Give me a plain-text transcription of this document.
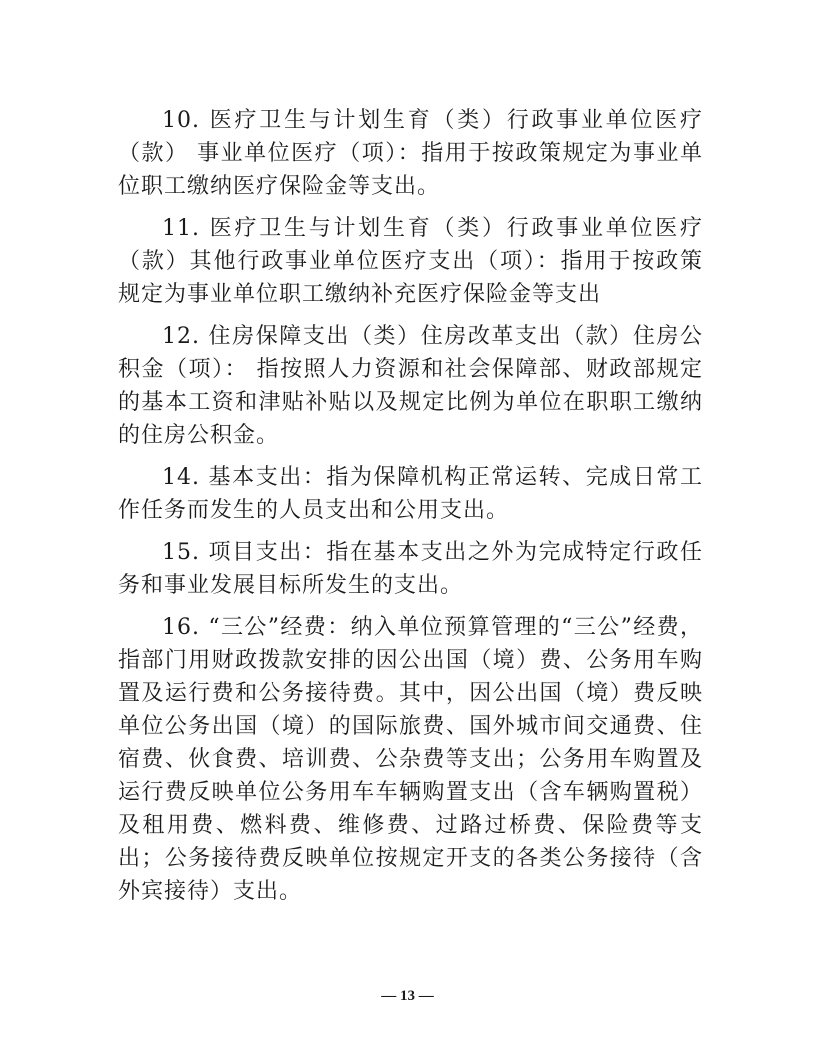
10. 医疗卫生与计划生育（类）行政事业单位医疗（款） 事业单位医疗（项）：指用于按政策规定为事业单位职工缴纳医疗保险金等支出。

11. 医疗卫生与计划生育（类）行政事业单位医疗（款）其他行政事业单位医疗支出（项）：指用于按政策规定为事业单位职工缴纳补充医疗保险金等支出

12. 住房保障支出（类）住房改革支出（款）住房公积金（项）： 指按照人力资源和社会保障部、财政部规定的基本工资和津贴补贴以及规定比例为单位在职职工缴纳的住房公积金。

14. 基本支出：指为保障机构正常运转、完成日常工作任务而发生的人员支出和公用支出。

15. 项目支出：指在基本支出之外为完成特定行政任务和事业发展目标所发生的支出。

16. “三公”经费：纳入单位预算管理的“三公”经费，指部门用财政拨款安排的因公出国（境）费、公务用车购置及运行费和公务接待费。其中，因公出国（境）费反映单位公务出国（境）的国际旅费、国外城市间交通费、住宿费、伙食费、培训费、公杂费等支出；公务用车购置及运行费反映单位公务用车车辆购置支出（含车辆购置税）及租用费、燃料费、维修费、过路过桥费、保险费等支出；公务接待费反映单位按规定开支的各类公务接待（含外宾接待）支出。

— 13 —
